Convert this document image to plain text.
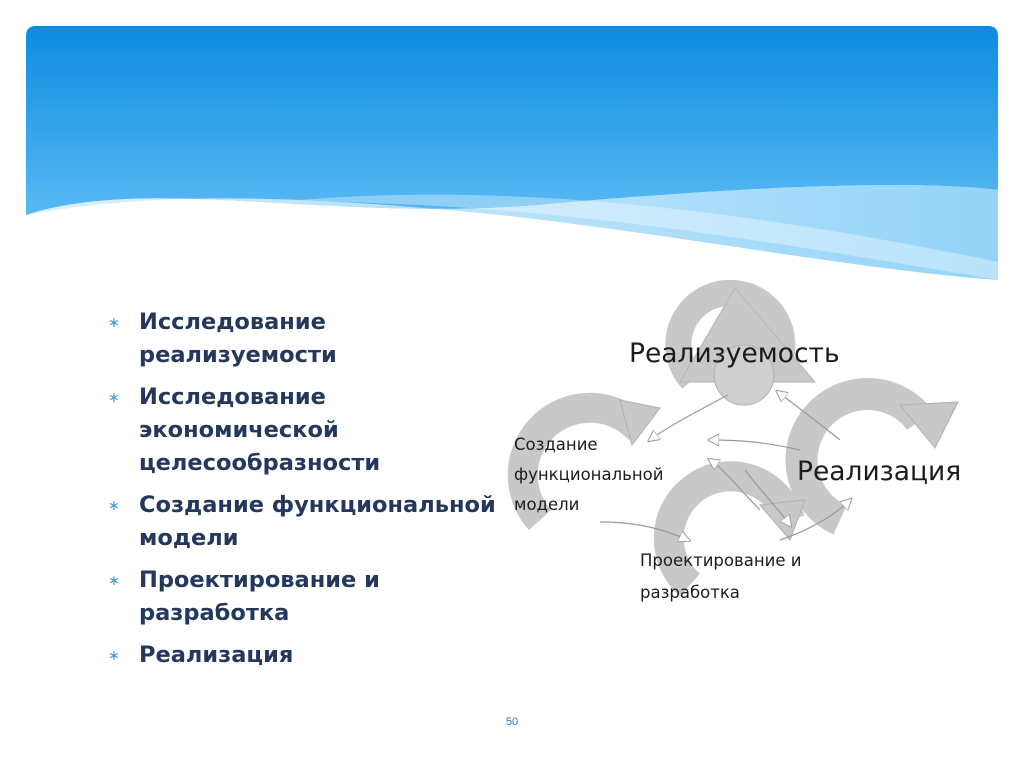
∗ Исследование реализуемости
∗ Исследование экономической целесообразности
∗ Создание функциональной модели
∗ Проектирование и разработка
∗ Реализация
Реализуемость
Реализация
Создание функциональной модели
Проектирование и разработка
50
